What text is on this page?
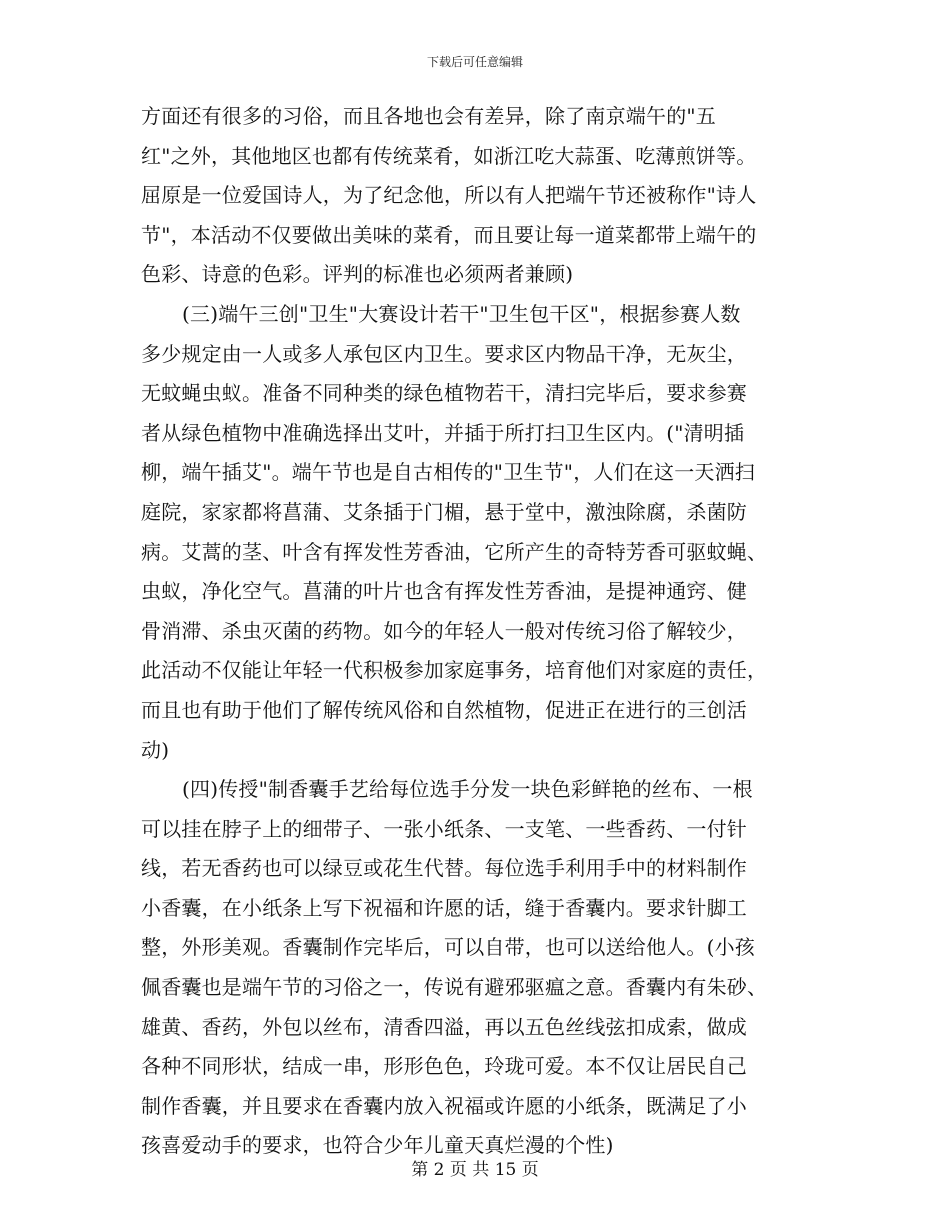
下载后可任意编辑
方面还有很多的习俗，而且各地也会有差异，除了南京端午的"五
红"之外，其他地区也都有传统菜肴，如浙江吃大蒜蛋、吃薄煎饼等。
屈原是一位爱国诗人，为了纪念他，所以有人把端午节还被称作"诗人
节"，本活动不仅要做出美味的菜肴，而且要让每一道菜都带上端午的
色彩、诗意的色彩。评判的标准也必须两者兼顾)
(三)端午三创"卫生"大赛设计若干"卫生包干区"，根据参赛人数
多少规定由一人或多人承包区内卫生。要求区内物品干净，无灰尘，
无蚊蝇虫蚁。准备不同种类的绿色植物若干，清扫完毕后，要求参赛
者从绿色植物中准确选择出艾叶，并插于所打扫卫生区内。("清明插
柳，端午插艾"。端午节也是自古相传的"卫生节"，人们在这一天洒扫
庭院，家家都将菖蒲、艾条插于门楣，悬于堂中，激浊除腐，杀菌防
病。艾蒿的茎、叶含有挥发性芳香油，它所产生的奇特芳香可驱蚊蝇、
虫蚁，净化空气。菖蒲的叶片也含有挥发性芳香油，是提神通窍、健
骨消滞、杀虫灭菌的药物。如今的年轻人一般对传统习俗了解较少，
此活动不仅能让年轻一代积极参加家庭事务，培育他们对家庭的责任，
而且也有助于他们了解传统风俗和自然植物，促进正在进行的三创活
动)
(四)传授"制香囊手艺给每位选手分发一块色彩鲜艳的丝布、一根
可以挂在脖子上的细带子、一张小纸条、一支笔、一些香药、一付针
线，若无香药也可以绿豆或花生代替。每位选手利用手中的材料制作
小香囊，在小纸条上写下祝福和许愿的话，缝于香囊内。要求针脚工
整，外形美观。香囊制作完毕后，可以自带，也可以送给他人。(小孩
佩香囊也是端午节的习俗之一，传说有避邪驱瘟之意。香囊内有朱砂、
雄黄、香药，外包以丝布，清香四溢，再以五色丝线弦扣成索，做成
各种不同形状，结成一串，形形色色，玲珑可爱。本不仅让居民自己
制作香囊，并且要求在香囊内放入祝福或许愿的小纸条，既满足了小
孩喜爱动手的要求，也符合少年儿童天真烂漫的个性)
第 2 页 共 15 页
